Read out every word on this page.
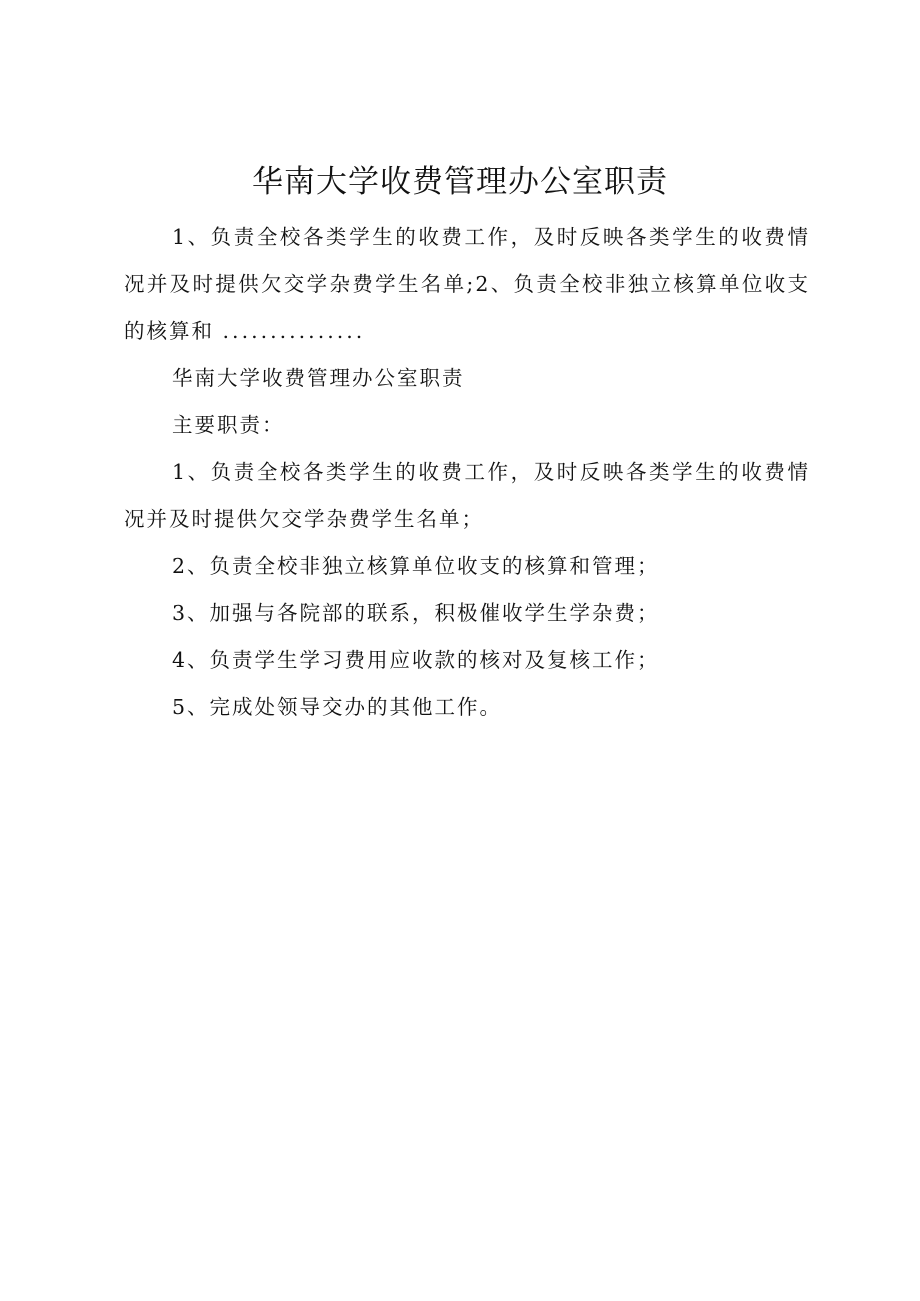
华南大学收费管理办公室职责
1、负责全校各类学生的收费工作，及时反映各类学生的收费情
况并及时提供欠交学杂费学生名单;2、负责全校非独立核算单位收支
的核算和 ...............
华南大学收费管理办公室职责
主要职责：
1、负责全校各类学生的收费工作，及时反映各类学生的收费情
况并及时提供欠交学杂费学生名单；
2、负责全校非独立核算单位收支的核算和管理；
3、加强与各院部的联系，积极催收学生学杂费；
4、负责学生学习费用应收款的核对及复核工作；
5、完成处领导交办的其他工作。
